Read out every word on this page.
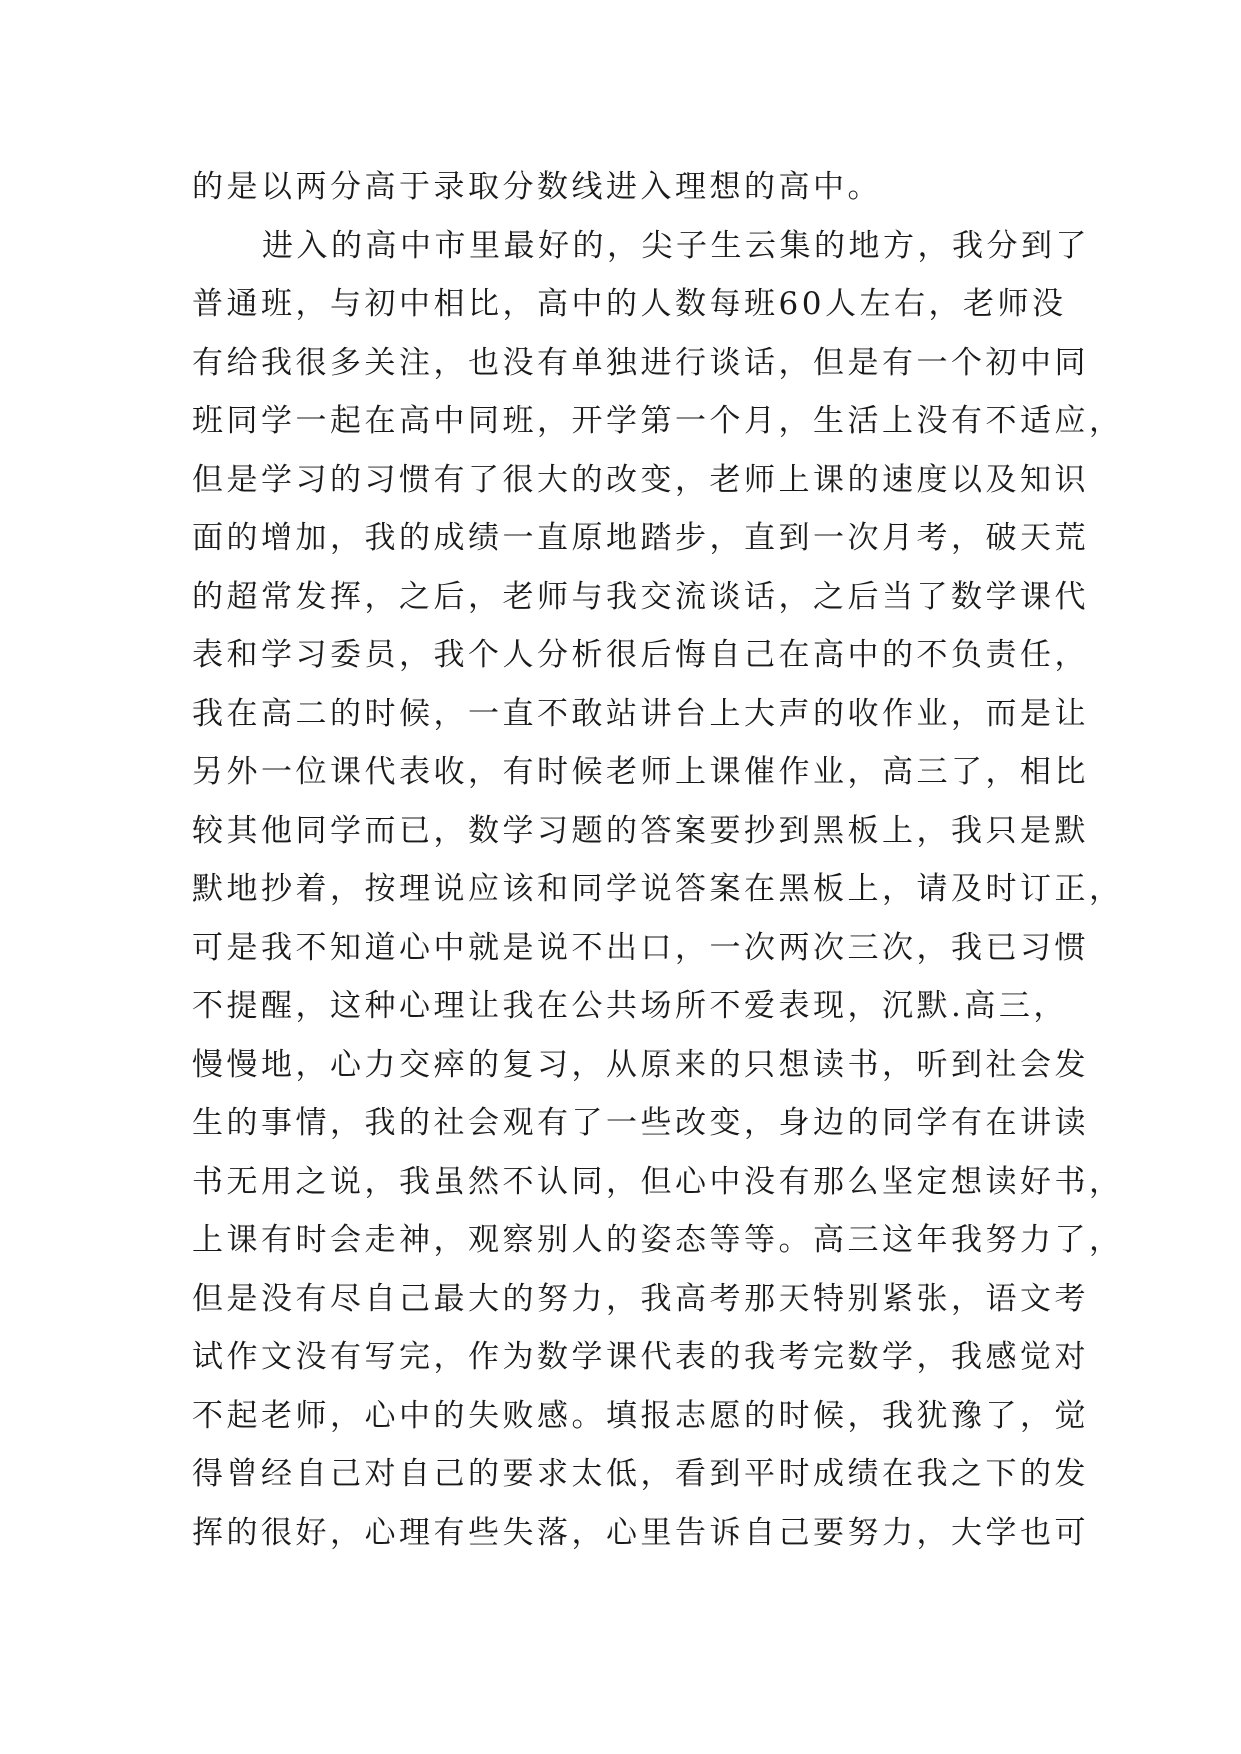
的是以两分高于录取分数线进入理想的高中。
进入的高中市里最好的，尖子生云集的地方，我分到了
普通班，与初中相比，高中的人数每班60人左右，老师没
有给我很多关注，也没有单独进行谈话，但是有一个初中同
班同学一起在高中同班，开学第一个月，生活上没有不适应，
但是学习的习惯有了很大的改变，老师上课的速度以及知识
面的增加，我的成绩一直原地踏步，直到一次月考，破天荒
的超常发挥，之后，老师与我交流谈话，之后当了数学课代
表和学习委员，我个人分析很后悔自己在高中的不负责任，
我在高二的时候，一直不敢站讲台上大声的收作业，而是让
另外一位课代表收，有时候老师上课催作业，高三了，相比
较其他同学而已，数学习题的答案要抄到黑板上，我只是默
默地抄着，按理说应该和同学说答案在黑板上，请及时订正，
可是我不知道心中就是说不出口，一次两次三次，我已习惯
不提醒，这种心理让我在公共场所不爱表现，沉默.高三，
慢慢地，心力交瘁的复习，从原来的只想读书，听到社会发
生的事情，我的社会观有了一些改变，身边的同学有在讲读
书无用之说，我虽然不认同，但心中没有那么坚定想读好书，
上课有时会走神，观察别人的姿态等等。高三这年我努力了，
但是没有尽自己最大的努力，我高考那天特别紧张，语文考
试作文没有写完，作为数学课代表的我考完数学，我感觉对
不起老师，心中的失败感。填报志愿的时候，我犹豫了，觉
得曾经自己对自己的要求太低，看到平时成绩在我之下的发
挥的很好，心理有些失落，心里告诉自己要努力，大学也可
